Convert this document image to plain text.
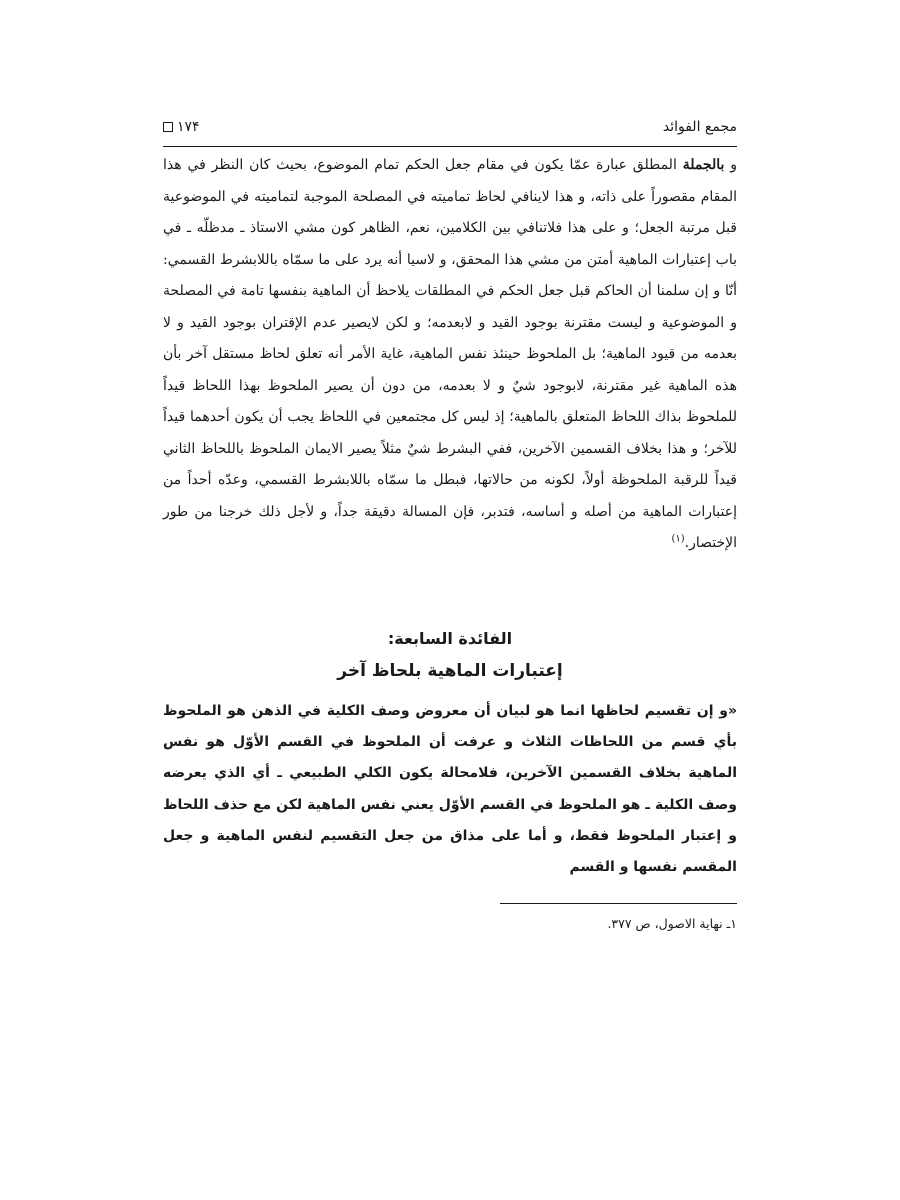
١٧۴	مجمع الفوائد

و بالجملة المطلق عبارة عمّا يكون في مقام جعل الحكم تمام الموضوع، بحيث كان النظر في هذا المقام مقصوراً على ذاته، و هذا لاينافي لحاظ تماميته في المصلحة الموجبة لتماميته في الموضوعية قبل مرتبة الجعل؛ و على هذا فلاتنافي بين الكلامين، نعم، الظاهر كون مشي الاستاذ ـ مدظلّه ـ في باب إعتبارات الماهية أمتن من مشي هذا المحقق، و لاسيا أنه يرد على ما سمّاه باللابشرط القسمي: أنّا و إن سلمنا أن الحاكم قبل جعل الحكم في المطلقات يلاحظ أن الماهية بنفسها تامة في المصلحة و الموضوعية و ليست مقترنة بوجود القيد و لابعدمه؛ و لكن لايصير عدم الإقتران بوجود القيد و لا بعدمه من قيود الماهية؛ بل الملحوظ حينئذ نفس الماهية، غاية الأمر أنه تعلق لحاظ مستقل آخر بأن هذه الماهية غير مقترنة، لابوجود شيٌ و لا بعدمه، من دون أن يصير الملحوظ بهذا اللحاظ قيداً للملحوظ بذاك اللحاظ المتعلق بالماهية؛ إذ ليس كل مجتمعين في اللحاظ يجب أن يكون أحدهما قيداً للآخر؛ و هذا بخلاف القسمين الآخرين، ففي البشرط شيٌ مثلاً يصير الايمان الملحوظ باللحاظ الثاني قيداً للرقبة الملحوظة أولاً، لكونه من حالاتها، فبطل ما سمّاه باللابشرط القسمي، وعدّه أحداً من إعتبارات الماهية من أصله و أساسه، فتدبر، فإن المسالة دقيقة جداً، و لأجل ذلك خرجنا من طور الإختصار.$^{(١)}$

الفائدة السابعة:
إعتبارات الماهية بلحاظ آخر

«و إن تقسيم لحاظها انما هو لبيان أن معروض وصف الكلية في الذهن هو الملحوظ بأي قسم من اللحاظات الثلاث و عرفت أن الملحوظ في القسم الأوّل هو نفس الماهية بخلاف القسمين الآخرين، فلامحالة يكون الكلي الطبيعي ـ أي الذي يعرضه وصف الكلية ـ هو الملحوظ في القسم الأوّل يعني نفس الماهية لكن مع حذف اللحاظ و إعتبار الملحوظ فقط، و أما على مذاق من جعل التقسيم لنفس الماهية و جعل المقسم نفسها و القسم

١ـ نهاية الاصول، ص ٣٧٧.
